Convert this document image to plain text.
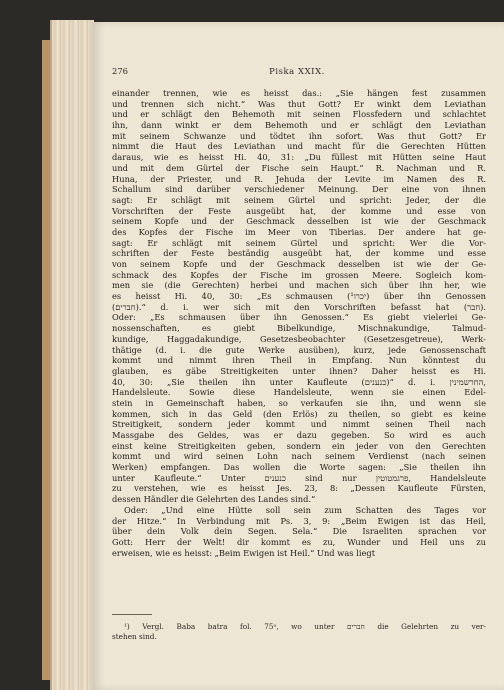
276	Piska XXIX.
einander trennen, wie es heisst das.: „Sie hängen fest zusammen
und trennen sich nicht.“ Was thut Gott? Er winkt dem Leviathan
und er schlägt den Behemoth mit seinen Flossfedern und schlachtet
ihn, dann winkt er dem Behemoth und er schlägt den Leviathan
mit seinem Schwanze und tödtet ihn sofort. Was thut Gott? Er
nimmt die Haut des Leviathan und macht für die Gerechten Hütten
daraus, wie es heisst Hi. 40, 31: „Du füllest mit Hütten seine Haut
und mit dem Gürtel der Fische sein Haupt.“ R. Nachman und R.
Huna, der Priester, und R. Jehuda der Levite im Namen des R.
Schallum sind darüber verschiedener Meinung. Der eine von ihnen
sagt: Er schlägt mit seinem Gürtel und spricht: Jeder, der die
Vorschriften der Feste ausgeübt hat, der komme und esse von
seinem Kopfe und der Geschmack desselben ist wie der Geschmack
des Kopfes der Fische im Meer von Tiberias. Der andere hat ge-
sagt: Er schlägt mit seinem Gürtel und spricht: Wer die Vor-
schriften der Feste beständig ausgeübt hat, der komme und esse
von seinem Kopfe und der Geschmack desselben ist wie der Ge-
schmack des Kopfes der Fische im grossen Meere. Sogleich kom-
men sie (die Gerechten) herbei und machen sich über ihn her, wie
es heisst Hi. 40, 30: „Es schmausen (יכרו¹) über ihn Genossen
(חברים).“ d. i. wer sich mit den Vorschriften befasst hat (חבר).
Oder: „Es schmausen über ihn Genossen.“ Es giebt vielerlei Ge-
nossenschaften, es giebt Bibelkundige, Mischnakundige, Talmud-
kundige, Haggadakundige, Gesetzesbeobachter (Gesetzesgetreue), Werk-
thätige (d. i. die gute Werke ausüben), kurz, jede Genossenschaft
kommt und nimmt ihren Theil in Empfang. Nun könntest du
glauben, es gäbe Streitigkeiten unter ihnen? Daher heisst es Hi.
40, 30: „Sie theilen ihn unter Kaufleute (כנענים)“ d. i. החרשמינין,
Handelsleute. Sowie diese Handelsleute, wenn sie einen Edel-
stein in Gemeinschaft haben, so verkaufen sie ihn, und wenn sie
kommen, sich in das Geld (den Erlös) zu theilen, so giebt es keine
Streitigkeit, sondern jeder kommt und nimmt seinen Theil nach
Massgabe des Geldes, was er dazu gegeben. So wird es auch
einst keine Streitigkeiten geben, sondern ein jeder von den Gerechten
kommt und wird seinen Lohn nach seinem Verdienst (nach seinen
Werken) empfangen. Das wollen die Worte sagen: „Sie theilen ihn
unter Kaufleute.“ Unter כנענים sind nur פרגמטוטין, Handelsleute
zu verstehen, wie es heisst Jes. 23, 8: „Dessen Kaufleute Fürsten,
dessen Händler die Gelehrten des Landes sind.“
Oder: „Und eine Hütte soll sein zum Schatten des Tages vor
der Hitze.“ In Verbindung mit Ps. 3, 9: „Beim Ewigen ist das Heil,
über dein Volk dein Segen. Sela.“ Die Israeliten sprachen vor
Gott: Herr der Welt! dir kommt es zu, Wunder und Heil uns zu
erweisen, wie es heisst: „Beim Ewigen ist Heil.“ Und was liegt
¹) Vergl. Baba batra fol. 75ᵃ, wo unter חברים die Gelehrten zu ver-
stehen sind.
